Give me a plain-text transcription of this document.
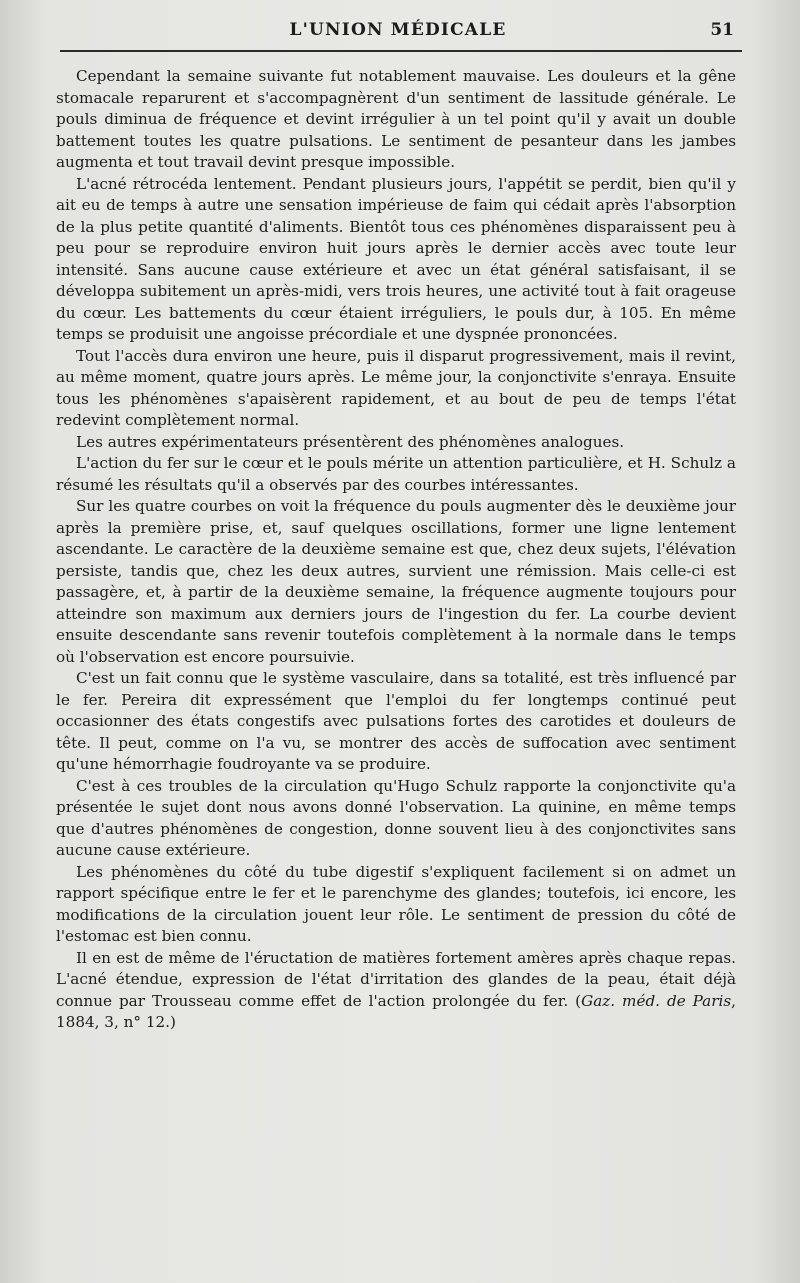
L'UNION MÉDICALE	51

Cependant la semaine suivante fut notablement mauvaise. Les douleurs et la gêne stomacale reparurent et s'accompagnèrent d'un sentiment de lassitude générale. Le pouls diminua de fréquence et devint irrégulier à un tel point qu'il y avait un double battement toutes les quatre pulsations. Le sentiment de pesanteur dans les jambes augmenta et tout travail devint presque impossible.

L'acné rétrocéda lentement. Pendant plusieurs jours, l'appétit se perdit, bien qu'il y ait eu de temps à autre une sensation impérieuse de faim qui cédait après l'absorption de la plus petite quantité d'aliments. Bientôt tous ces phénomènes disparaissent peu à peu pour se reproduire environ huit jours après le dernier accès avec toute leur intensité. Sans aucune cause extérieure et avec un état général satisfaisant, il se développa subitement un après-midi, vers trois heures, une activité tout à fait orageuse du cœur. Les battements du cœur étaient irréguliers, le pouls dur, à 105. En même temps se produisit une angoisse précordiale et une dyspnée prononcées.

Tout l'accès dura environ une heure, puis il disparut progressivement, mais il revint, au même moment, quatre jours après. Le même jour, la conjonctivite s'enraya. Ensuite tous les phénomènes s'apaisèrent rapidement, et au bout de peu de temps l'état redevint complètement normal.

Les autres expérimentateurs présentèrent des phénomènes analogues.

L'action du fer sur le cœur et le pouls mérite un attention particulière, et H. Schulz a résumé les résultats qu'il a observés par des courbes intéressantes.

Sur les quatre courbes on voit la fréquence du pouls augmenter dès le deuxième jour après la première prise, et, sauf quelques oscillations, former une ligne lentement ascendante. Le caractère de la deuxième semaine est que, chez deux sujets, l'élévation persiste, tandis que, chez les deux autres, survient une rémission. Mais celle-ci est passagère, et, à partir de la deuxième semaine, la fréquence augmente toujours pour atteindre son maximum aux derniers jours de l'ingestion du fer. La courbe devient ensuite descendante sans revenir toutefois complètement à la normale dans le temps où l'observation est encore poursuivie.

C'est un fait connu que le système vasculaire, dans sa totalité, est très influencé par le fer. Pereira dit expressément que l'emploi du fer longtemps continué peut occasionner des états congestifs avec pulsations fortes des carotides et douleurs de tête. Il peut, comme on l'a vu, se montrer des accès de suffocation avec sentiment qu'une hémorrhagie foudroyante va se produire.

C'est à ces troubles de la circulation qu'Hugo Schulz rapporte la conjonctivite qu'a présentée le sujet dont nous avons donné l'observation. La quinine, en même temps que d'autres phénomènes de congestion, donne souvent lieu à des conjonctivites sans aucune cause extérieure.

Les phénomènes du côté du tube digestif s'expliquent facilement si on admet un rapport spécifique entre le fer et le parenchyme des glandes; toutefois, ici encore, les modifications de la circulation jouent leur rôle. Le sentiment de pression du côté de l'estomac est bien connu.

Il en est de même de l'éructation de matières fortement amères après chaque repas. L'acné étendue, expression de l'état d'irritation des glandes de la peau, était déjà connue par Trousseau comme effet de l'action prolongée du fer. (Gaz. méd. de Paris, 1884, 3, n° 12.)
